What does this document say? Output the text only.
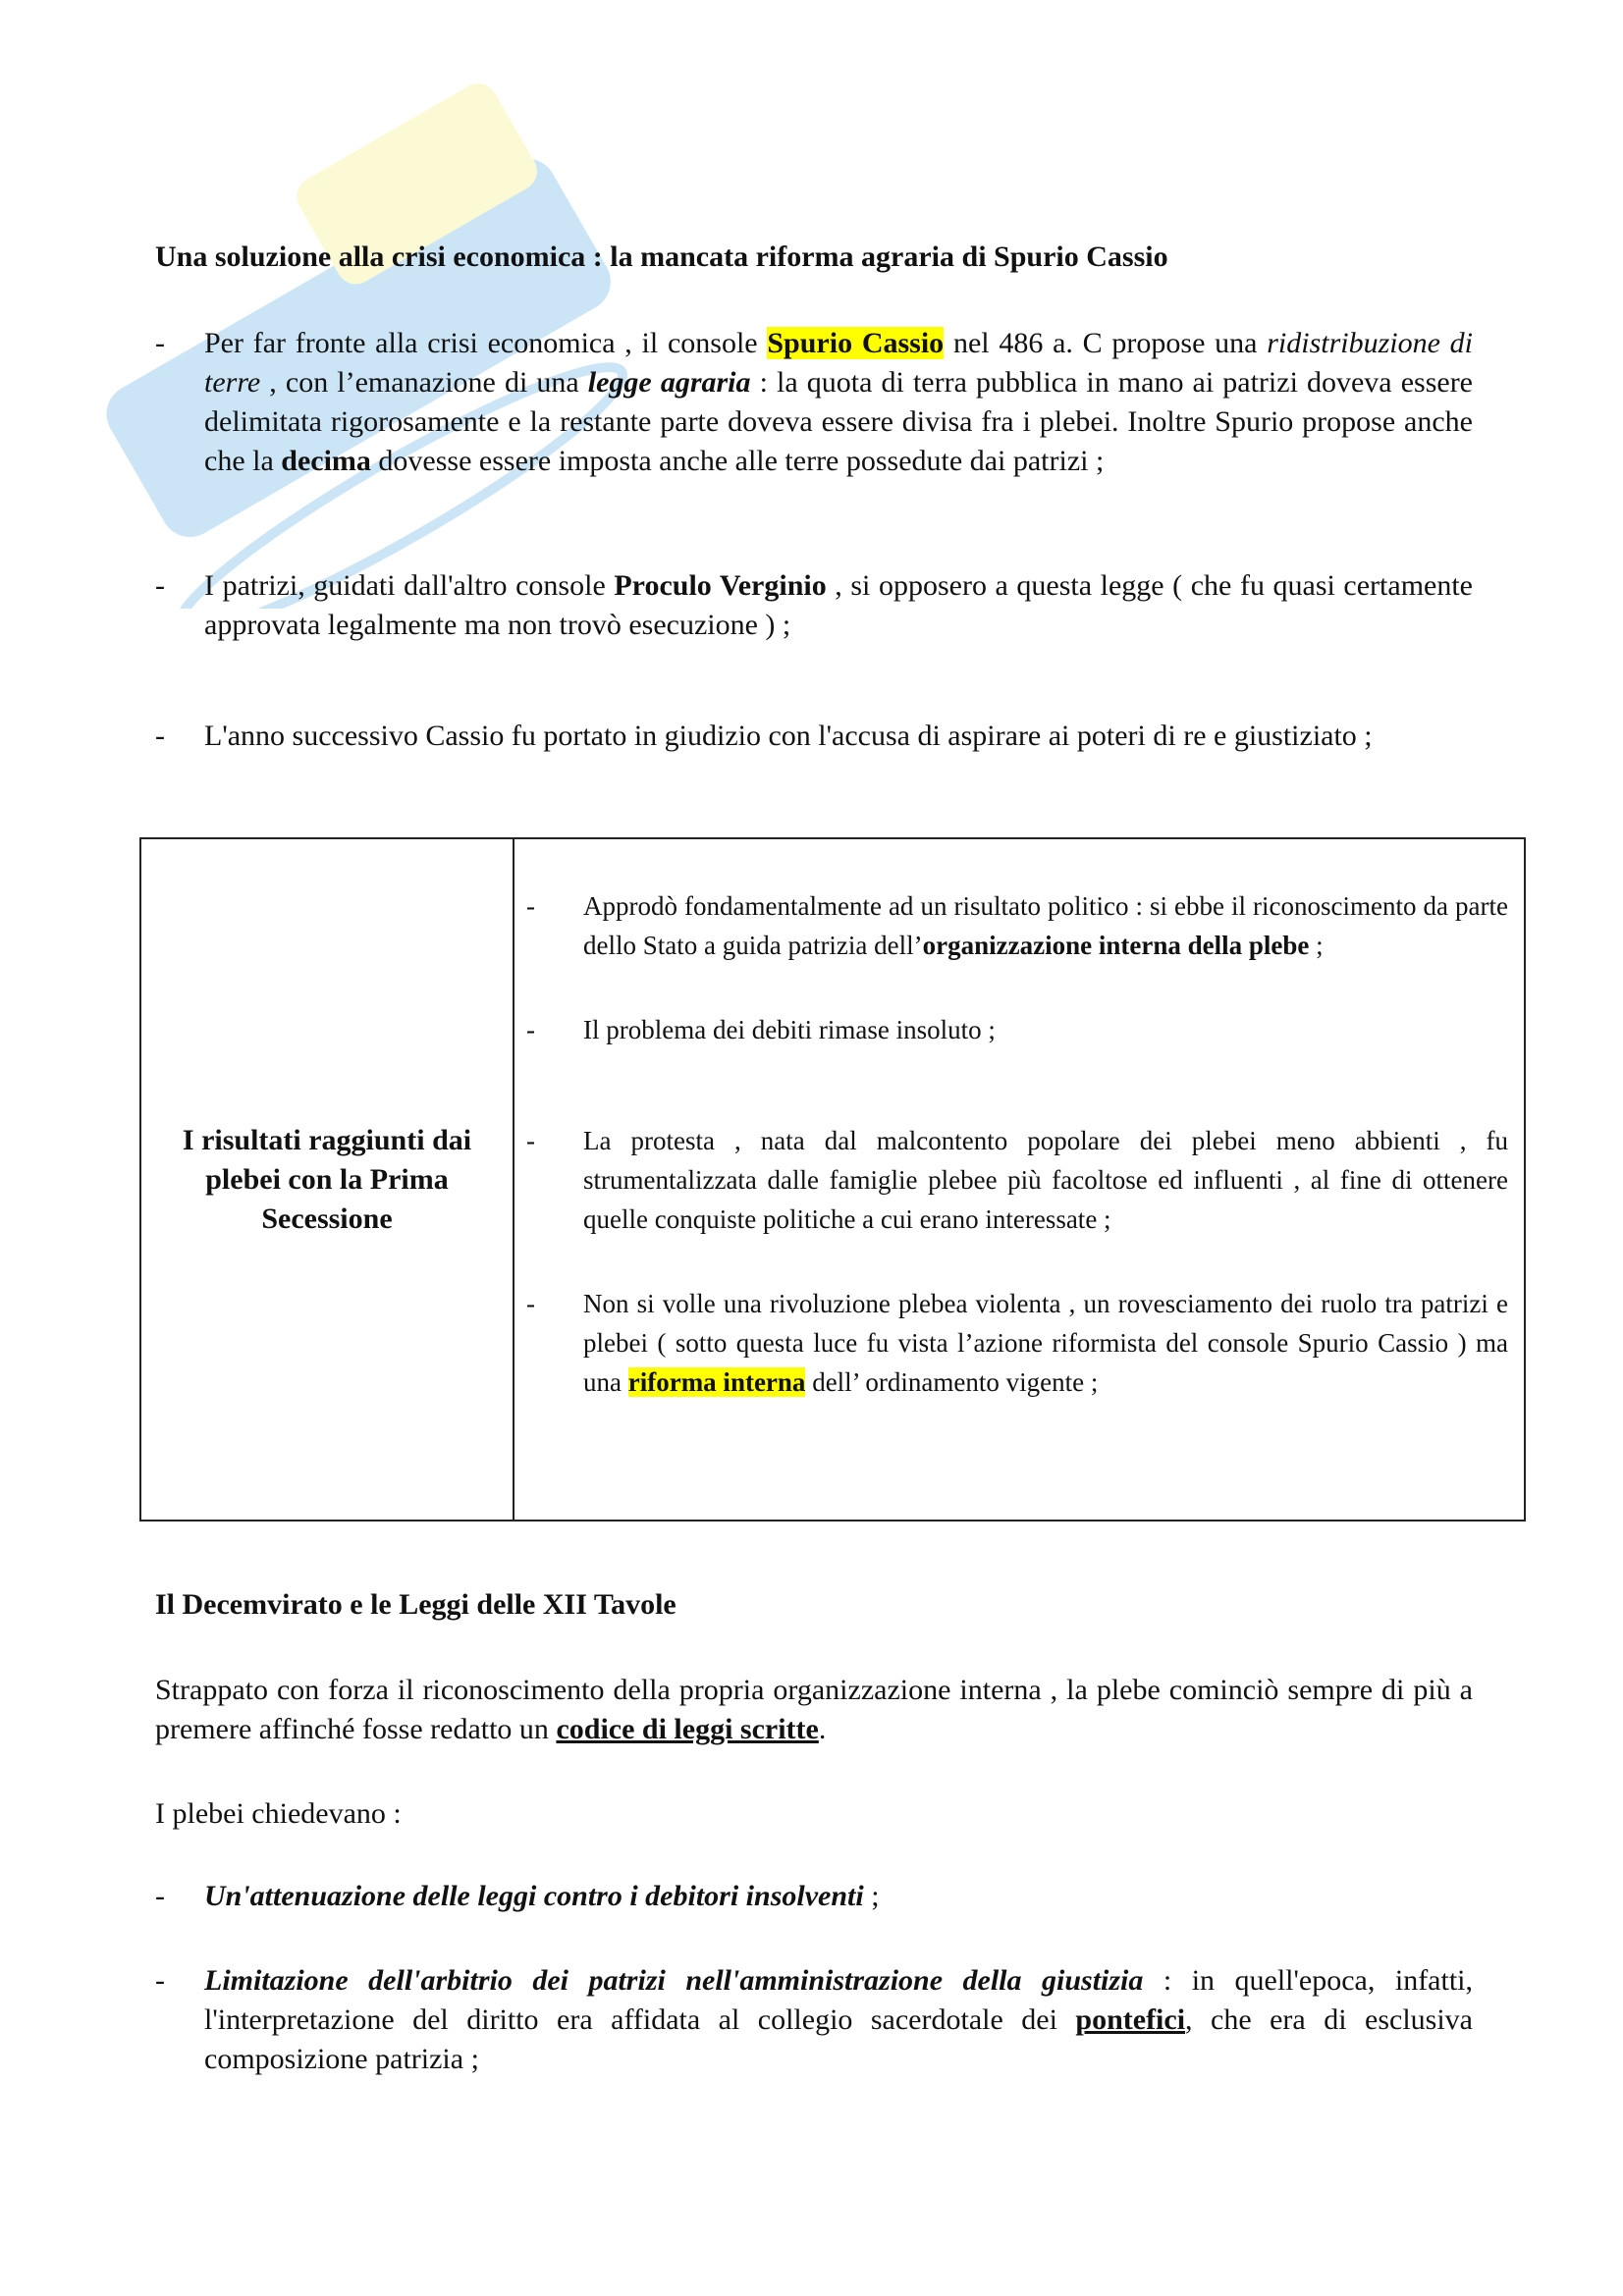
Una soluzione alla crisi economica : la mancata riforma agraria di Spurio Cassio
- Per far fronte alla crisi economica , il console Spurio Cassio nel 486 a. C propose una ridistribuzione di terre , con l’emanazione di una legge agraria : la quota di terra pubblica in mano ai patrizi doveva essere delimitata rigorosamente e la restante parte doveva essere divisa fra i plebei. Inoltre Spurio propose anche che la decima dovesse essere imposta anche alle terre possedute dai patrizi ;
- I patrizi, guidati dall'altro console Proculo Verginio , si opposero a questa legge ( che fu quasi certamente approvata legalmente ma non trovò esecuzione ) ;
- L'anno successivo Cassio fu portato in giudizio con l'accusa di aspirare ai poteri di re e giustiziato ;
I risultati raggiunti dai plebei con la Prima Secessione	
- Approdò fondamentalmente ad un risultato politico : si ebbe il riconoscimento da parte dello Stato a guida patrizia dell’organizzazione interna della plebe ;
- Il problema dei debiti rimase insoluto ;
- La protesta , nata dal malcontento popolare dei plebei meno abbienti , fu strumentalizzata dalle famiglie plebee più facoltose ed influenti , al fine di ottenere quelle conquiste politiche a cui erano interessate ;
- Non si volle una rivoluzione plebea violenta , un rovesciamento dei ruolo tra patrizi e plebei ( sotto questa luce fu vista l’azione riformista del console Spurio Cassio ) ma una riforma interna dell’ ordinamento vigente ;
Il Decemvirato e le Leggi delle XII Tavole
Strappato con forza il riconoscimento della propria organizzazione interna , la plebe cominciò sempre di più a premere affinché fosse redatto un codice di leggi scritte.
I plebei chiedevano :
- Un'attenuazione delle leggi contro i debitori insolventi ;
- Limitazione dell'arbitrio dei patrizi nell'amministrazione della giustizia : in quell'epoca, infatti, l'interpretazione del diritto era affidata al collegio sacerdotale dei pontefici, che era di esclusiva composizione patrizia ;
